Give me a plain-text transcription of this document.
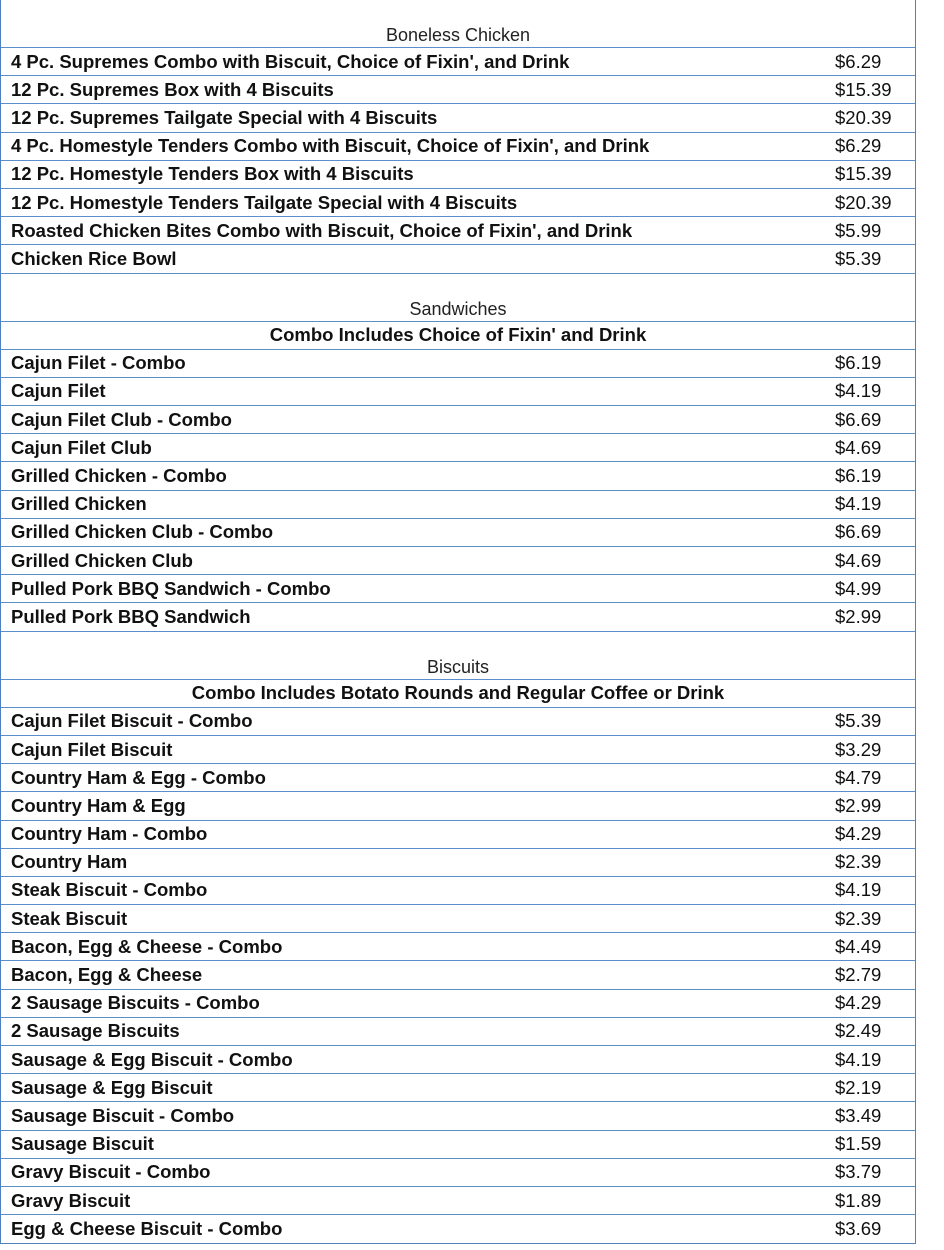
Boneless Chicken
4 Pc. Supremes Combo with Biscuit, Choice of Fixin', and Drink	$6.29
12 Pc. Supremes Box with 4 Biscuits	$15.39
12 Pc. Supremes Tailgate Special with 4 Biscuits	$20.39
4 Pc. Homestyle Tenders Combo with Biscuit, Choice of Fixin', and Drink	$6.29
12 Pc. Homestyle Tenders Box with 4 Biscuits	$15.39
12 Pc. Homestyle Tenders Tailgate Special with 4 Biscuits	$20.39
Roasted Chicken Bites Combo with Biscuit, Choice of Fixin', and Drink	$5.99
Chicken Rice Bowl	$5.39
Sandwiches
Combo Includes Choice of Fixin' and Drink
Cajun Filet - Combo	$6.19
Cajun Filet	$4.19
Cajun Filet Club - Combo	$6.69
Cajun Filet Club	$4.69
Grilled Chicken - Combo	$6.19
Grilled Chicken	$4.19
Grilled Chicken Club - Combo	$6.69
Grilled Chicken Club	$4.69
Pulled Pork BBQ Sandwich - Combo	$4.99
Pulled Pork BBQ Sandwich	$2.99
Biscuits
Combo Includes Botato Rounds and Regular Coffee or Drink
Cajun Filet Biscuit - Combo	$5.39
Cajun Filet Biscuit	$3.29
Country Ham & Egg - Combo	$4.79
Country Ham & Egg	$2.99
Country Ham - Combo	$4.29
Country Ham	$2.39
Steak Biscuit - Combo	$4.19
Steak Biscuit	$2.39
Bacon, Egg & Cheese - Combo	$4.49
Bacon, Egg & Cheese	$2.79
2 Sausage Biscuits - Combo	$4.29
2 Sausage Biscuits	$2.49
Sausage & Egg Biscuit - Combo	$4.19
Sausage & Egg Biscuit	$2.19
Sausage Biscuit - Combo	$3.49
Sausage Biscuit	$1.59
Gravy Biscuit - Combo	$3.79
Gravy Biscuit	$1.89
Egg & Cheese Biscuit - Combo	$3.69
